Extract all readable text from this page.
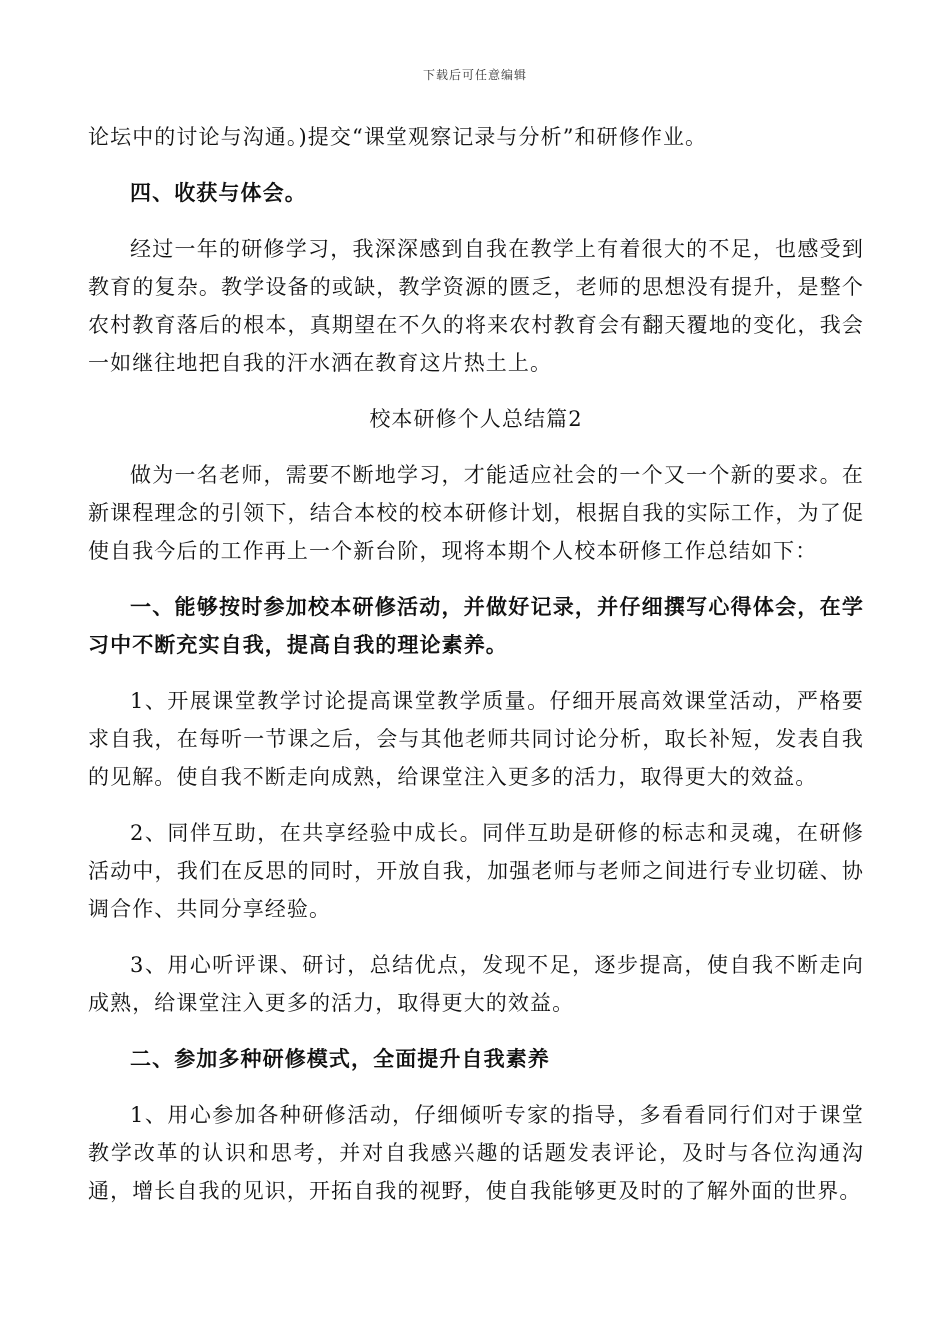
下载后可任意编辑

论坛中的讨论与沟通。)提交“课堂观察记录与分析”和研修作业。

四、收获与体会。

经过一年的研修学习，我深深感到自我在教学上有着很大的不足，也感受到教育的复杂。教学设备的或缺，教学资源的匮乏，老师的思想没有提升，是整个农村教育落后的根本，真期望在不久的将来农村教育会有翻天覆地的变化，我会一如继往地把自我的汗水洒在教育这片热土上。

校本研修个人总结篇2

做为一名老师，需要不断地学习，才能适应社会的一个又一个新的要求。在新课程理念的引领下，结合本校的校本研修计划，根据自我的实际工作，为了促使自我今后的工作再上一个新台阶，现将本期个人校本研修工作总结如下：

一、能够按时参加校本研修活动，并做好记录，并仔细撰写心得体会，在学习中不断充实自我，提高自我的理论素养。

1、开展课堂教学讨论提高课堂教学质量。仔细开展高效课堂活动，严格要求自我，在每听一节课之后，会与其他老师共同讨论分析，取长补短，发表自我的见解。使自我不断走向成熟，给课堂注入更多的活力，取得更大的效益。

2、同伴互助，在共享经验中成长。同伴互助是研修的标志和灵魂，在研修活动中，我们在反思的同时，开放自我，加强老师与老师之间进行专业切磋、协调合作、共同分享经验。

3、用心听评课、研讨，总结优点，发现不足，逐步提高，使自我不断走向成熟，给课堂注入更多的活力，取得更大的效益。

二、参加多种研修模式，全面提升自我素养

1、用心参加各种研修活动，仔细倾听专家的指导，多看看同行们对于课堂教学改革的认识和思考，并对自我感兴趣的话题发表评论，及时与各位沟通沟通，增长自我的见识，开拓自我的视野，使自我能够更及时的了解外面的世界。
